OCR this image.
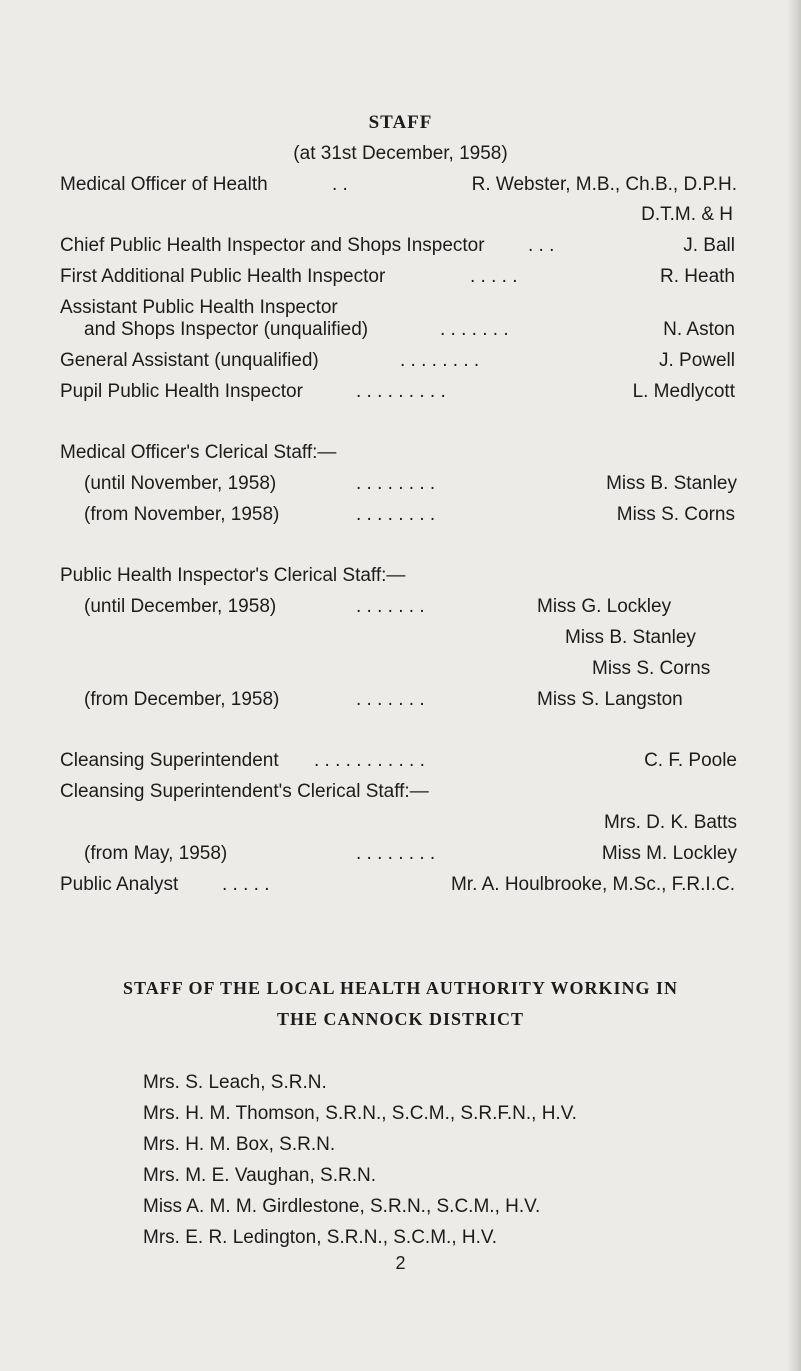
STAFF
(at 31st December, 1958)
Medical Officer of Health	. .	R. Webster, M.B., Ch.B., D.P.H.
D.T.M. & H
Chief Public Health Inspector and Shops Inspector . . .	J. Ball
First Additional Public Health Inspector	. . . . .	R. Heath
Assistant Public Health Inspector
and Shops Inspector (unqualified)	. . . . . . .	N. Aston
General Assistant (unqualified)	. . . . . . . .	J. Powell
Pupil Public Health Inspector	. . . . . . . . .	L. Medlycott
Medical Officer's Clerical Staff:—
(until November, 1958)	. . . . . . . .	Miss B. Stanley
(from November, 1958)	. . . . . . . .	Miss S. Corns
Public Health Inspector's Clerical Staff:—
(until December, 1958)	. . . . . . .	Miss G. Lockley
Miss B. Stanley
Miss S. Corns
(from December, 1958)	. . . . . . .	Miss S. Langston
Cleansing Superintendent . . . . . . . . . . .	C. F. Poole
Cleansing Superintendent's Clerical Staff:—
Mrs. D. K. Batts
(from May, 1958)	. . . . . . . .	Miss M. Lockley
Public Analyst . . . . .	Mr. A. Houlbrooke, M.Sc., F.R.I.C.
STAFF OF THE LOCAL HEALTH AUTHORITY WORKING IN
THE CANNOCK DISTRICT
Mrs. S. Leach, S.R.N.
Mrs. H. M. Thomson, S.R.N., S.C.M., S.R.F.N., H.V.
Mrs. H. M. Box, S.R.N.
Mrs. M. E. Vaughan, S.R.N.
Miss A. M. M. Girdlestone, S.R.N., S.C.M., H.V.
Mrs. E. R. Ledington, S.R.N., S.C.M., H.V.
2
